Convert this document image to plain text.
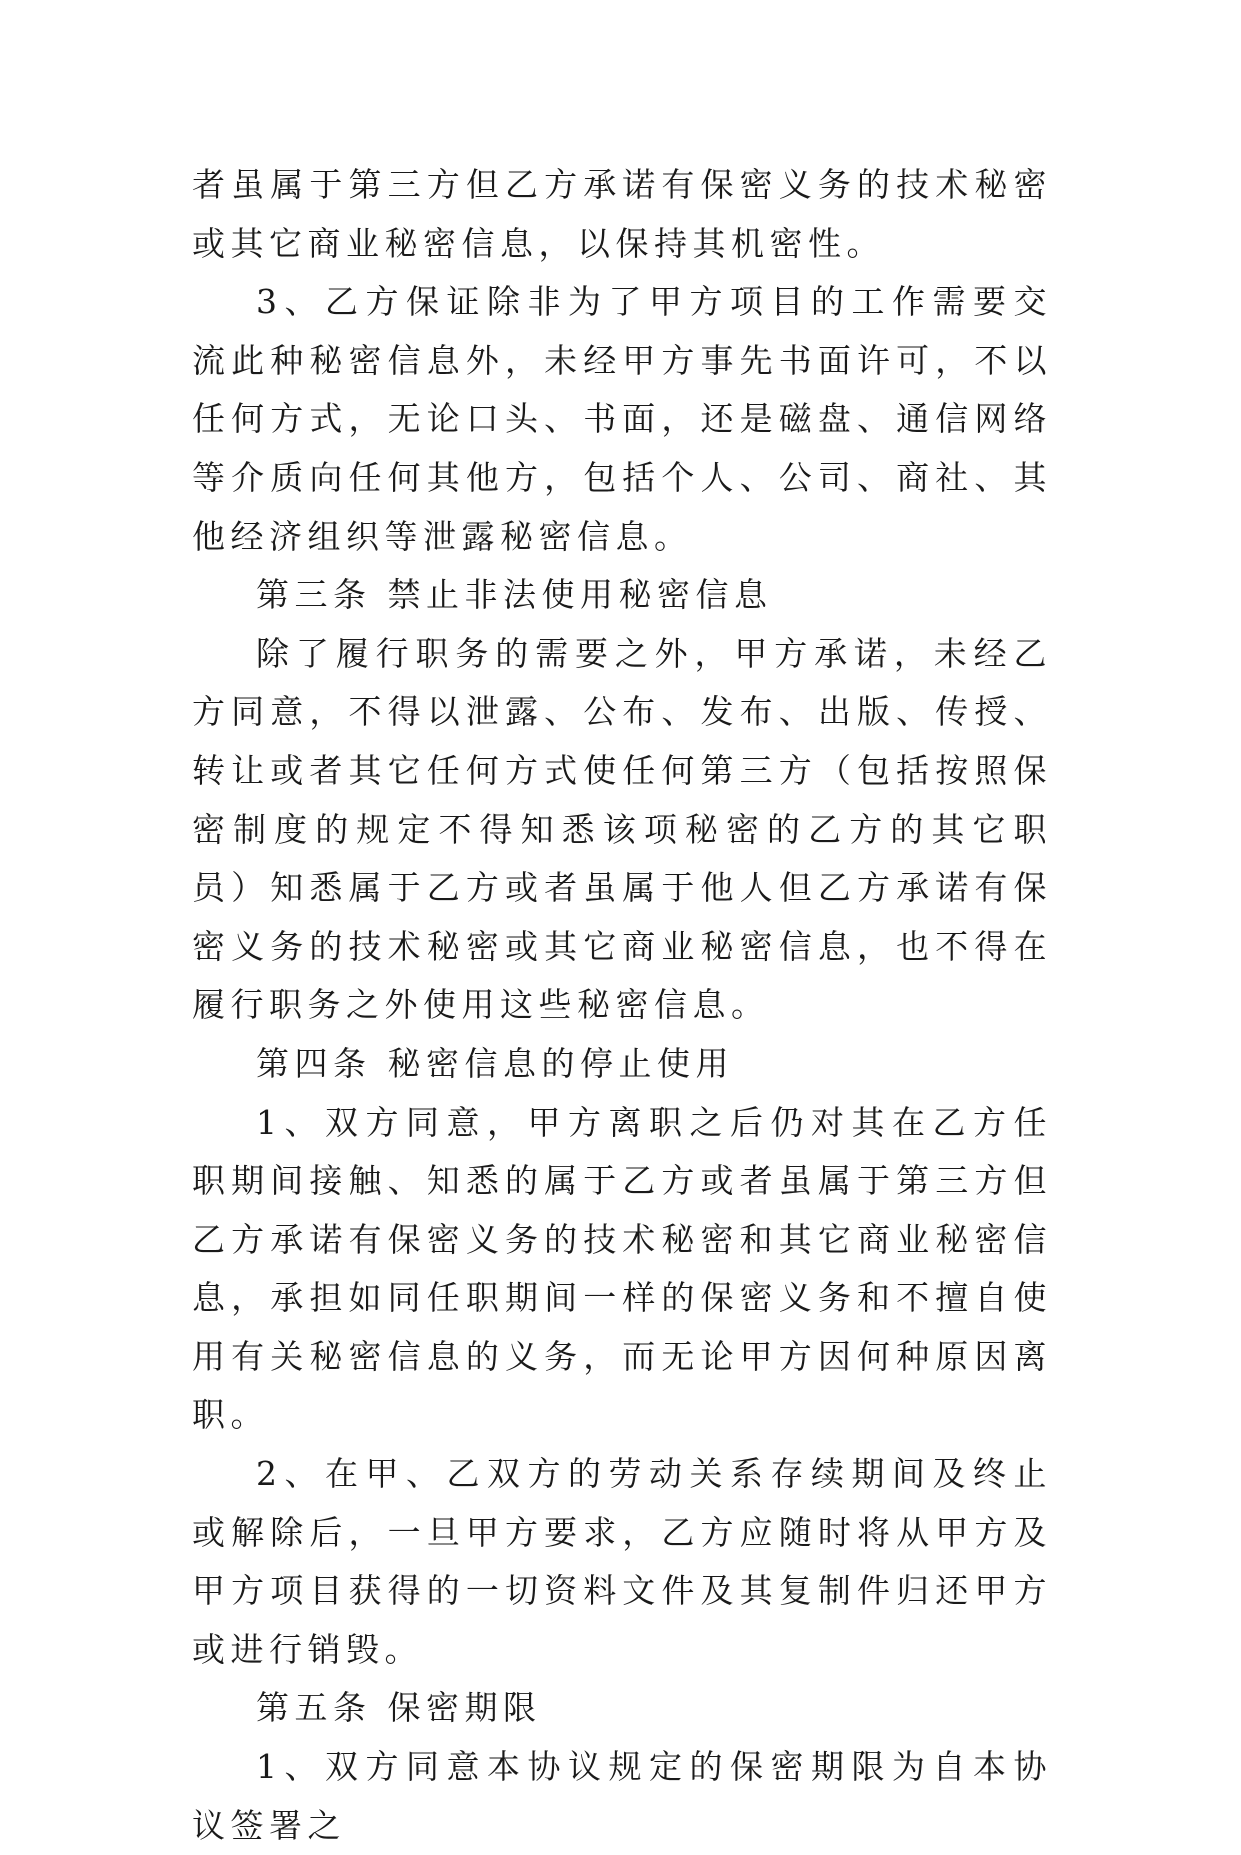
者虽属于第三方但乙方承诺有保密义务的技术秘密或其它商业秘密信息，以保持其机密性。

3、乙方保证除非为了甲方项目的工作需要交流此种秘密信息外，未经甲方事先书面许可，不以任何方式，无论口头、书面，还是磁盘、通信网络等介质向任何其他方，包括个人、公司、商社、其他经济组织等泄露秘密信息。

第三条 禁止非法使用秘密信息

除了履行职务的需要之外，甲方承诺，未经乙方同意，不得以泄露、公布、发布、出版、传授、转让或者其它任何方式使任何第三方（包括按照保密制度的规定不得知悉该项秘密的乙方的其它职员）知悉属于乙方或者虽属于他人但乙方承诺有保密义务的技术秘密或其它商业秘密信息，也不得在履行职务之外使用这些秘密信息。

第四条 秘密信息的停止使用

1、双方同意，甲方离职之后仍对其在乙方任职期间接触、知悉的属于乙方或者虽属于第三方但乙方承诺有保密义务的技术秘密和其它商业秘密信息，承担如同任职期间一样的保密义务和不擅自使用有关秘密信息的义务，而无论甲方因何种原因离职。

2、在甲、乙双方的劳动关系存续期间及终止或解除后，一旦甲方要求，乙方应随时将从甲方及甲方项目获得的一切资料文件及其复制件归还甲方或进行销毁。

第五条 保密期限

1、双方同意本协议规定的保密期限为自本协议签署之
